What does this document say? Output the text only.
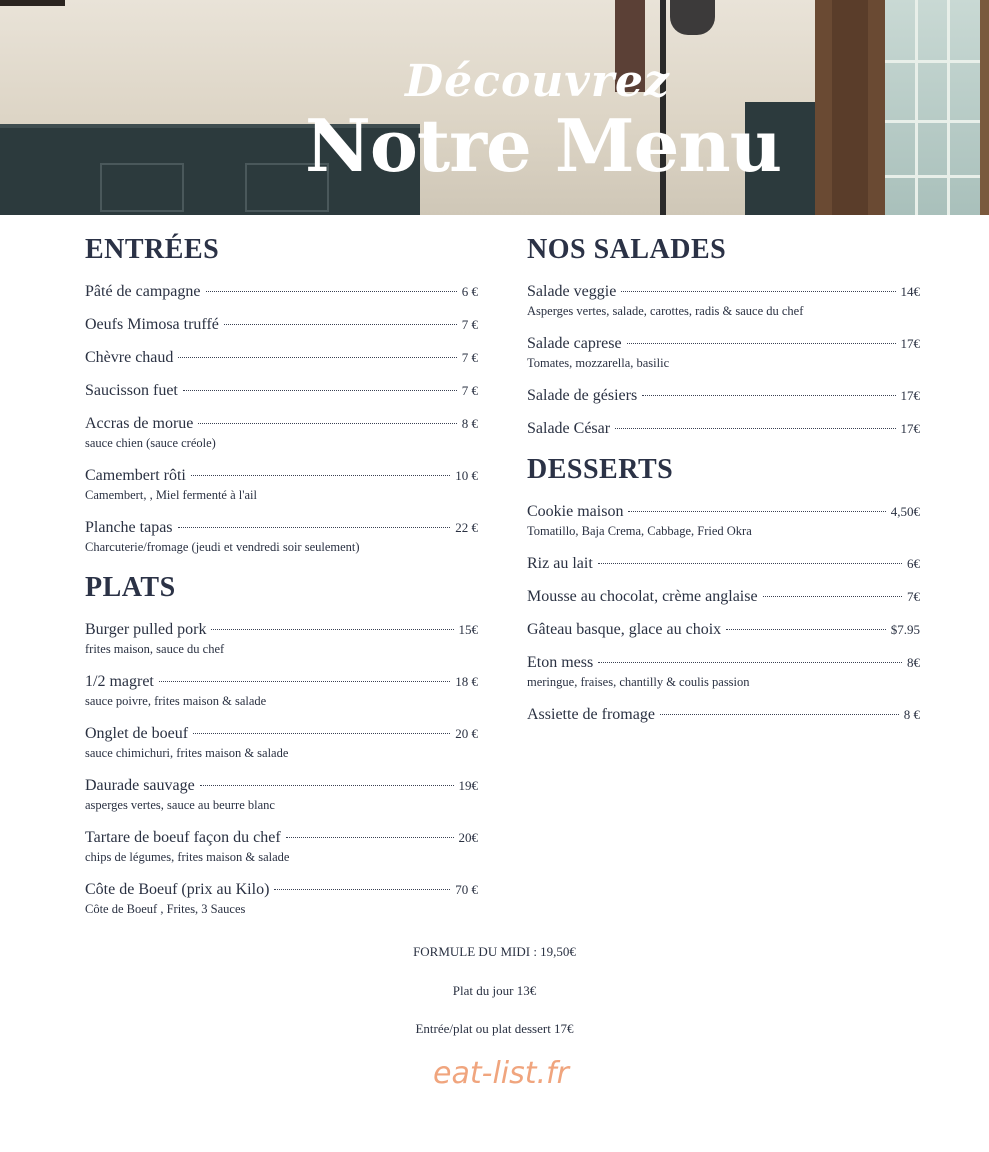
Découvrez
Notre Menu
ENTRÉES
Pâté de campagne	6 €
Oeufs Mimosa truffé	7 €
Chèvre chaud	7 €
Saucisson fuet	7 €
Accras de morue	8 €
sauce chien (sauce créole)
Camembert rôti	10 €
Camembert, , Miel fermenté à l'ail
Planche tapas	22 €
Charcuterie/fromage (jeudi et vendredi soir seulement)
PLATS
Burger pulled pork	15€
frites maison, sauce du chef
1/2 magret	18 €
sauce poivre, frites maison & salade
Onglet de boeuf	20 €
sauce chimichuri, frites maison & salade
Daurade sauvage	19€
asperges vertes, sauce au beurre blanc
Tartare de boeuf façon du chef	20€
chips de légumes, frites maison & salade
Côte de Boeuf (prix au Kilo)	70 €
Côte de Boeuf , Frites, 3 Sauces
NOS SALADES
Salade veggie	14€
Asperges vertes, salade, carottes, radis & sauce du chef
Salade caprese	17€
Tomates, mozzarella, basilic
Salade de gésiers	17€
Salade César	17€
DESSERTS
Cookie maison	4,50€
Tomatillo, Baja Crema, Cabbage, Fried Okra
Riz au lait	6€
Mousse au chocolat, crème anglaise	7€
Gâteau basque, glace au choix	$7.95
Eton mess	8€
meringue, fraises, chantilly & coulis passion
Assiette de fromage	8 €
FORMULE DU MIDI : 19,50€
Plat du jour 13€
Entrée/plat ou plat dessert 17€
eat-list.fr
